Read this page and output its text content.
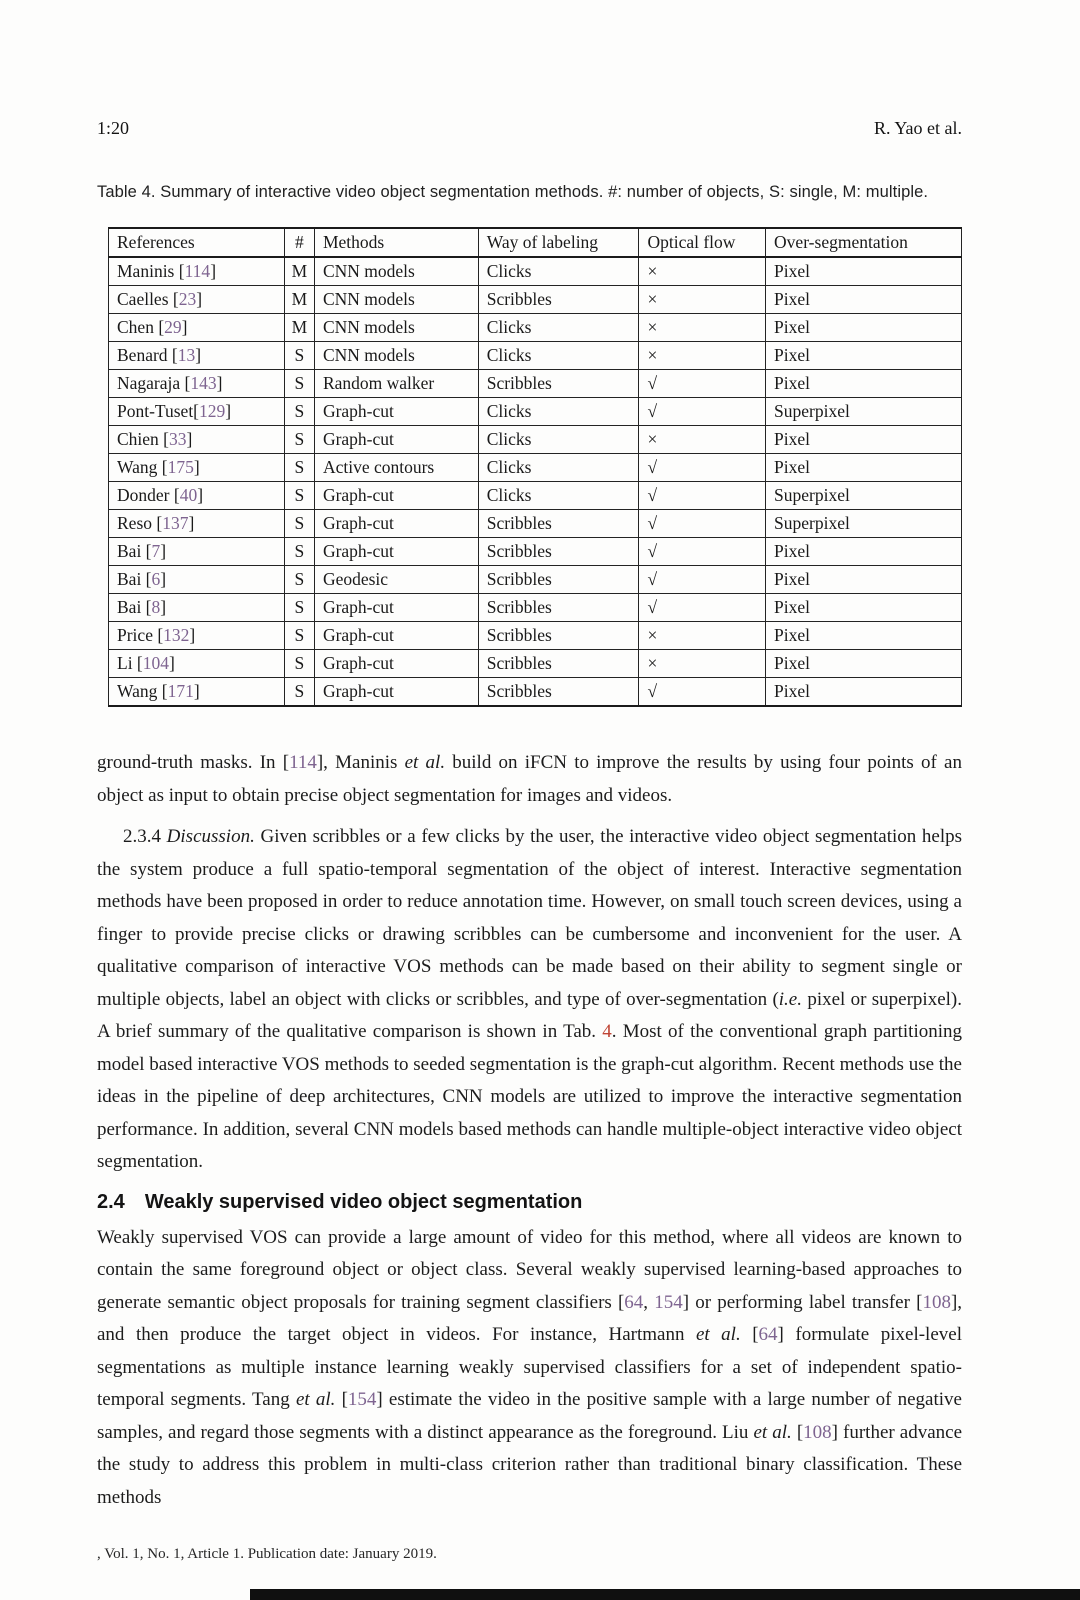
1:20	R. Yao et al.
Table 4. Summary of interactive video object segmentation methods. #: number of objects, S: single, M: multiple.
References	#	Methods	Way of labeling	Optical flow	Over-segmentation
Maninis [114]	M	CNN models	Clicks	×	Pixel
Caelles [23]	M	CNN models	Scribbles	×	Pixel
Chen [29]	M	CNN models	Clicks	×	Pixel
Benard [13]	S	CNN models	Clicks	×	Pixel
Nagaraja [143]	S	Random walker	Scribbles	√	Pixel
Pont-Tuset[129]	S	Graph-cut	Clicks	√	Superpixel
Chien [33]	S	Graph-cut	Clicks	×	Pixel
Wang [175]	S	Active contours	Clicks	√	Pixel
Donder [40]	S	Graph-cut	Clicks	√	Superpixel
Reso [137]	S	Graph-cut	Scribbles	√	Superpixel
Bai [7]	S	Graph-cut	Scribbles	√	Pixel
Bai [6]	S	Geodesic	Scribbles	√	Pixel
Bai [8]	S	Graph-cut	Scribbles	√	Pixel
Price [132]	S	Graph-cut	Scribbles	×	Pixel
Li [104]	S	Graph-cut	Scribbles	×	Pixel
Wang [171]	S	Graph-cut	Scribbles	√	Pixel

ground-truth masks. In [114], Maninis et al. build on iFCN to improve the results by using four points of an object as input to obtain precise object segmentation for images and videos.

2.3.4 Discussion. Given scribbles or a few clicks by the user, the interactive video object segmentation helps the system produce a full spatio-temporal segmentation of the object of interest. Interactive segmentation methods have been proposed in order to reduce annotation time. However, on small touch screen devices, using a finger to provide precise clicks or drawing scribbles can be cumbersome and inconvenient for the user. A qualitative comparison of interactive VOS methods can be made based on their ability to segment single or multiple objects, label an object with clicks or scribbles, and type of over-segmentation (i.e. pixel or superpixel). A brief summary of the qualitative comparison is shown in Tab. 4. Most of the conventional graph partitioning model based interactive VOS methods to seeded segmentation is the graph-cut algorithm. Recent methods use the ideas in the pipeline of deep architectures, CNN models are utilized to improve the interactive segmentation performance. In addition, several CNN models based methods can handle multiple-object interactive video object segmentation.

2.4 Weakly supervised video object segmentation

Weakly supervised VOS can provide a large amount of video for this method, where all videos are known to contain the same foreground object or object class. Several weakly supervised learning-based approaches to generate semantic object proposals for training segment classifiers [64, 154] or performing label transfer [108], and then produce the target object in videos. For instance, Hartmann et al. [64] formulate pixel-level segmentations as multiple instance learning weakly supervised classifiers for a set of independent spatio-temporal segments. Tang et al. [154] estimate the video in the positive sample with a large number of negative samples, and regard those segments with a distinct appearance as the foreground. Liu et al. [108] further advance the study to address this problem in multi-class criterion rather than traditional binary classification. These methods

, Vol. 1, No. 1, Article 1. Publication date: January 2019.
